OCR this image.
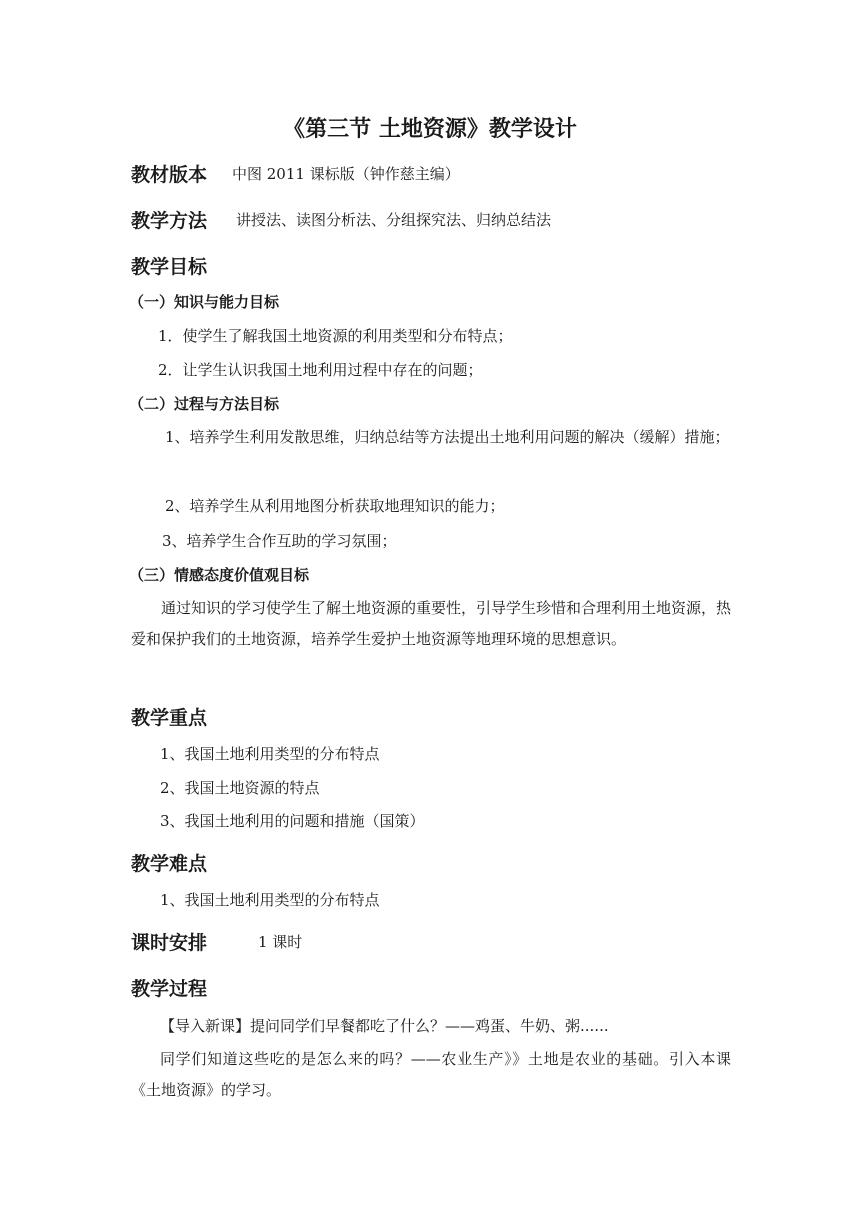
《第三节 土地资源》教学设计
教材版本 中图 2011 课标版（钟作慈主编）
教学方法 讲授法、读图分析法、分组探究法、归纳总结法
教学目标
（一）知识与能力目标
1．使学生了解我国土地资源的利用类型和分布特点；
2．让学生认识我国土地利用过程中存在的问题；
（二）过程与方法目标
1、培养学生利用发散思维，归纳总结等方法提出土地利用问题的解决（缓解）措施；
2、培养学生从利用地图分析获取地理知识的能力；
3、培养学生合作互助的学习氛围；
（三）情感态度价值观目标
通过知识的学习使学生了解土地资源的重要性，引导学生珍惜和合理利用土地资源，热爱和保护我们的土地资源，培养学生爱护土地资源等地理环境的思想意识。
教学重点
1、我国土地利用类型的分布特点
2、我国土地资源的特点
3、我国土地利用的问题和措施（国策）
教学难点
1、我国土地利用类型的分布特点
课时安排	1 课时
教学过程
【导入新课】提问同学们早餐都吃了什么？——鸡蛋、牛奶、粥......
同学们知道这些吃的是怎么来的吗？——农业生产》》土地是农业的基础。引入本课《土地资源》的学习。
